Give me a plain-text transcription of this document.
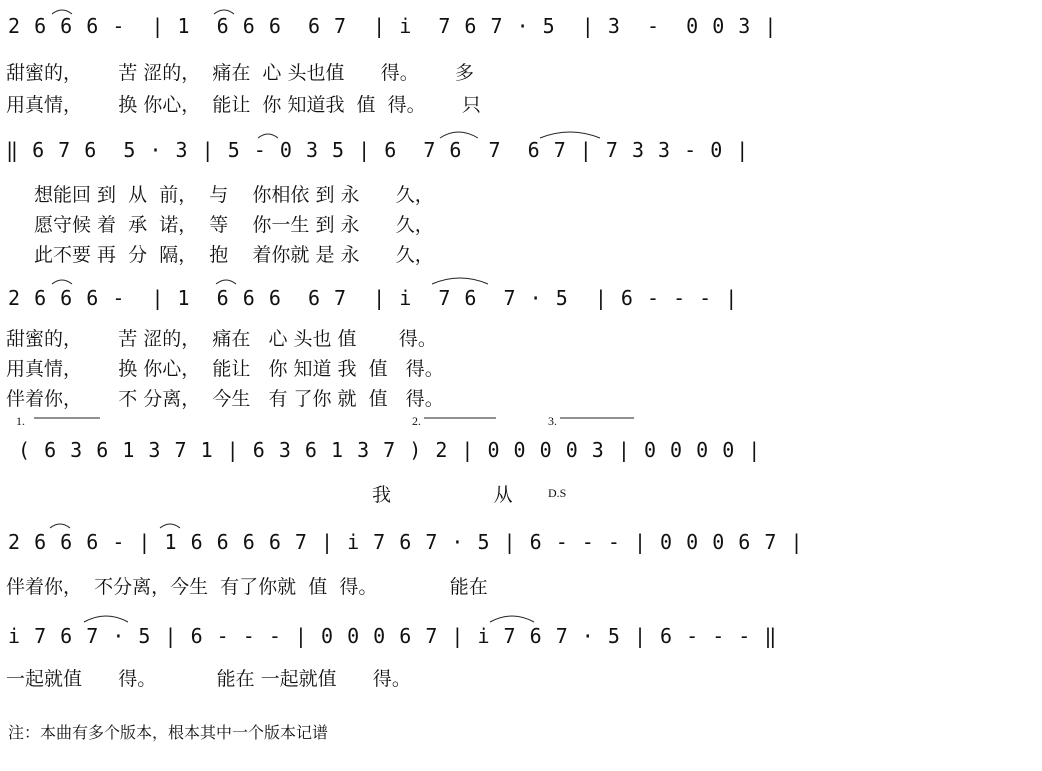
2 6 6 6 -  | 1  6 6 6  6 7  | i  7 6 7 · 5  | 3  -  0 0 3 |
甜蜜的，      苦 涩的，  痛在  心 头也值      得。      多
用真情，      换 你心，  能让  你 知道我  值  得。      只
‖ 6 7 6  5 · 3 | 5 - 0 3 5 | 6  7 6  7  6 7 | 7 3 3 - 0 |
想能回 到  从  前，  与    你相依 到 永      久，
愿守候 着  承  诺，  等    你一生 到 永      久，
此不要 再  分  隔，  抱    着你就 是 永      久，
2 6 6 6 -  | 1  6 6 6  6 7  | i  7 6  7 · 5  | 6 - - - |
甜蜜的，      苦 涩的，  痛在   心 头也 值       得。
用真情，      换 你心，  能让   你 知道 我  值   得。
伴着你，      不 分离，  今生   有 了你 就  值   得。
1.	2.	3.
( 6 3 6 1 3 7 1 | 6 3 6 1 3 7 ) 2 | 0 0 0 0 3 | 0 0 0 0 |
我                 从	D.S
2 6 6 6 - | 1 6 6 6 6 7 | i 7 6 7 · 5 | 6 - - - | 0 0 0 6 7 |
伴着你，  不分离，今生  有了你就  值  得。            能在
i 7 6 7 · 5 | 6 - - - | 0 0 0 6 7 | i 7 6 7 · 5 | 6 - - - ‖
一起就值      得。          能在 一起就值      得。
注：本曲有多个版本，根本其中一个版本记谱
